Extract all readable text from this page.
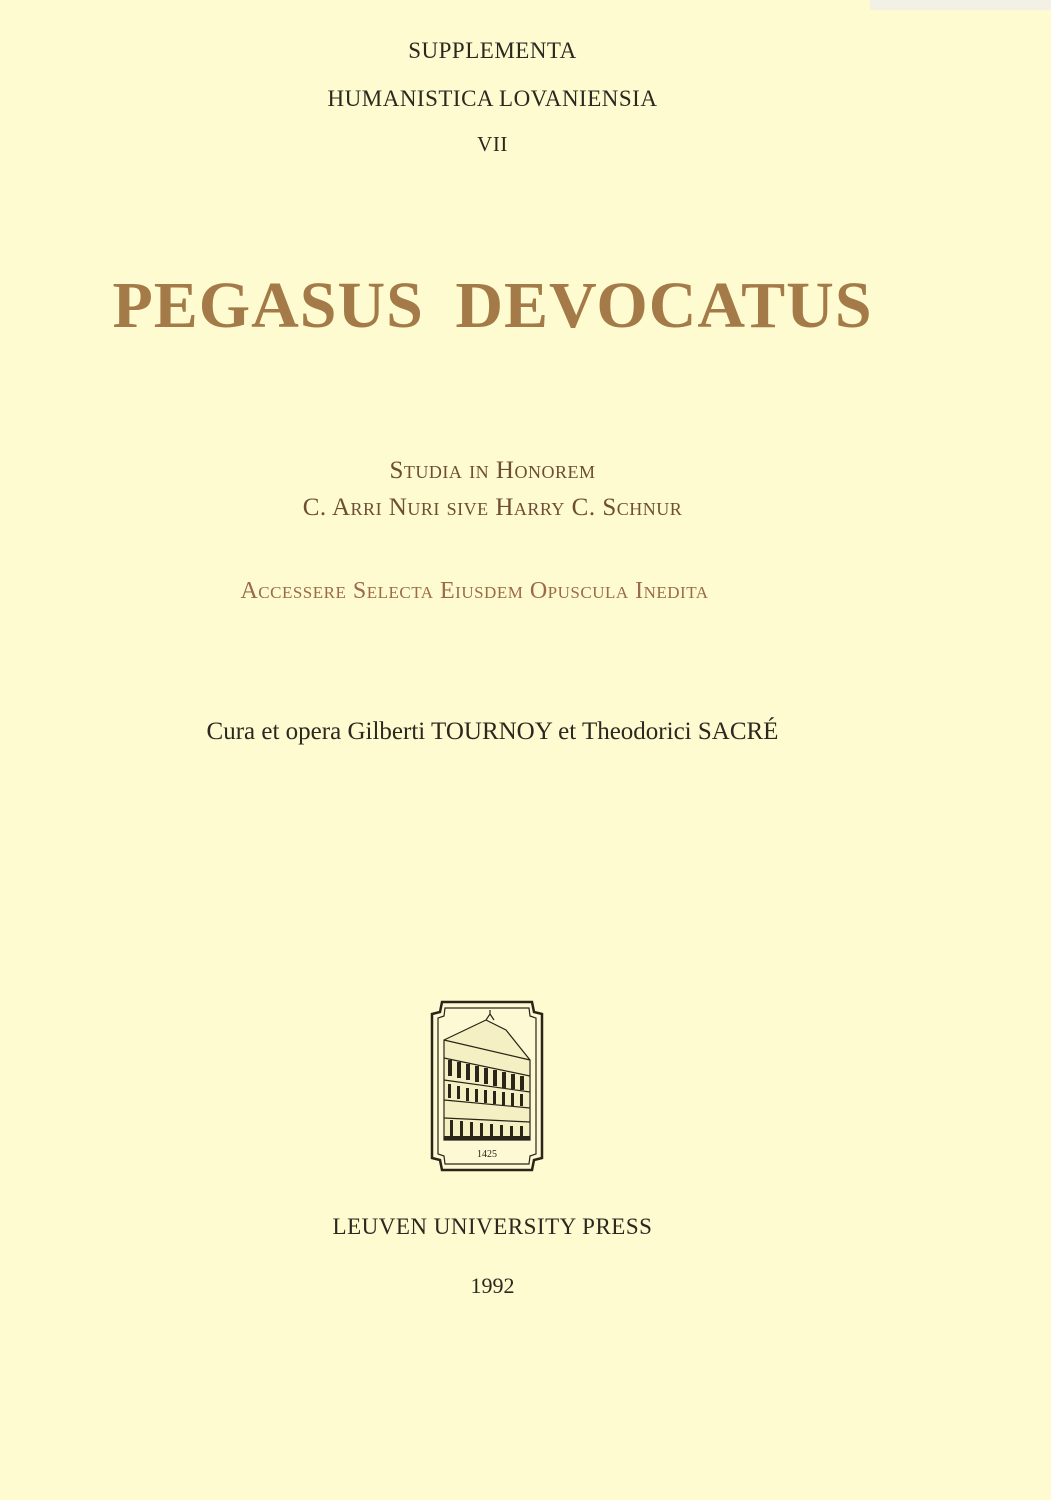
SUPPLEMENTA
HUMANISTICA LOVANIENSIA
VII
PEGASUS DEVOCATUS
Studia in Honorem
C. Arri Nuri sive Harry C. Schnur
Accessere Selecta Eiusdem Opuscula Inedita
Cura et opera Gilberti TOURNOY et Theodorici SACRÉ
1425
LEUVEN UNIVERSITY PRESS
1992
